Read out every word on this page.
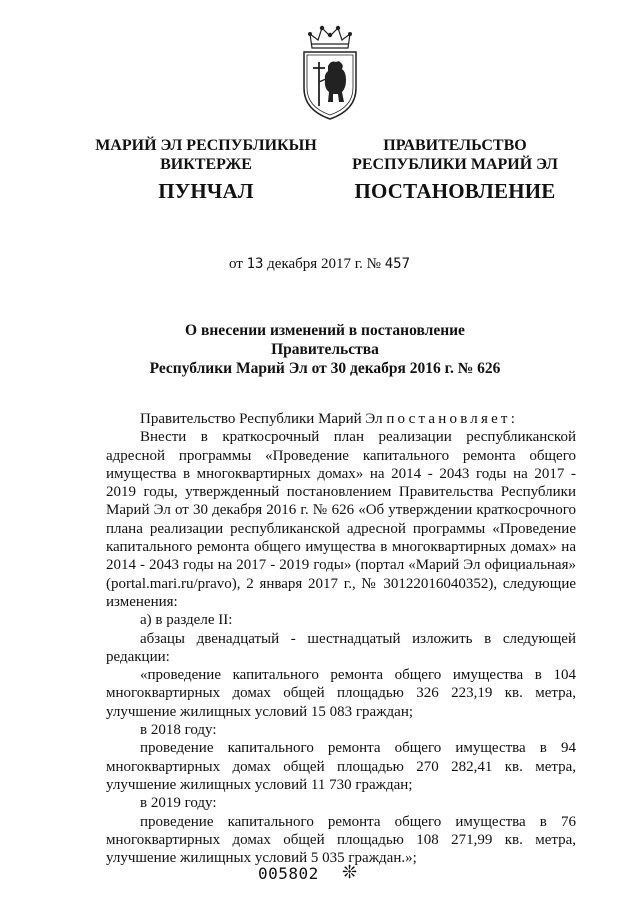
МАРИЙ ЭЛ РЕСПУБЛИКЫН
ВИКТЕРЖЕ
ПУНЧАЛ
ПРАВИТЕЛЬСТВО
РЕСПУБЛИКИ МАРИЙ ЭЛ
ПОСТАНОВЛЕНИЕ
от 13 декабря 2017 г. № 457
О внесении изменений в постановление Правительства
Республики Марий Эл от 30 декабря 2016 г. № 626

Правительство Республики Марий Эл постановляет:

Внести в краткосрочный план реализации республиканской адресной программы «Проведение капитального ремонта общего имущества в многоквартирных домах» на 2014 - 2043 годы на 2017 - 2019 годы, утвержденный постановлением Правительства Республики Марий Эл от 30 декабря 2016 г. № 626 «Об утверждении краткосрочного плана реализации республиканской адресной программы «Проведение капитального ремонта общего имущества в многоквартирных домах» на 2014 - 2043 годы на 2017 - 2019 годы» (портал «Марий Эл официальная» (portal.mari.ru/pravo), 2 января 2017 г., № 30122016040352), следующие изменения:

а) в разделе II:

абзацы двенадцатый - шестнадцатый изложить в следующей редакции:

«проведение капитального ремонта общего имущества в 104 многоквартирных домах общей площадью 326 223,19 кв. метра, улучшение жилищных условий 15 083 граждан;

в 2018 году:

проведение капитального ремонта общего имущества в 94 многоквартирных домах общей площадью 270 282,41 кв. метра, улучшение жилищных условий 11 730 граждан;

в 2019 году:

проведение капитального ремонта общего имущества в 76 многоквартирных домах общей площадью 108 271,99 кв. метра, улучшение жилищных условий 5 035 граждан.»;

005802 ❊
